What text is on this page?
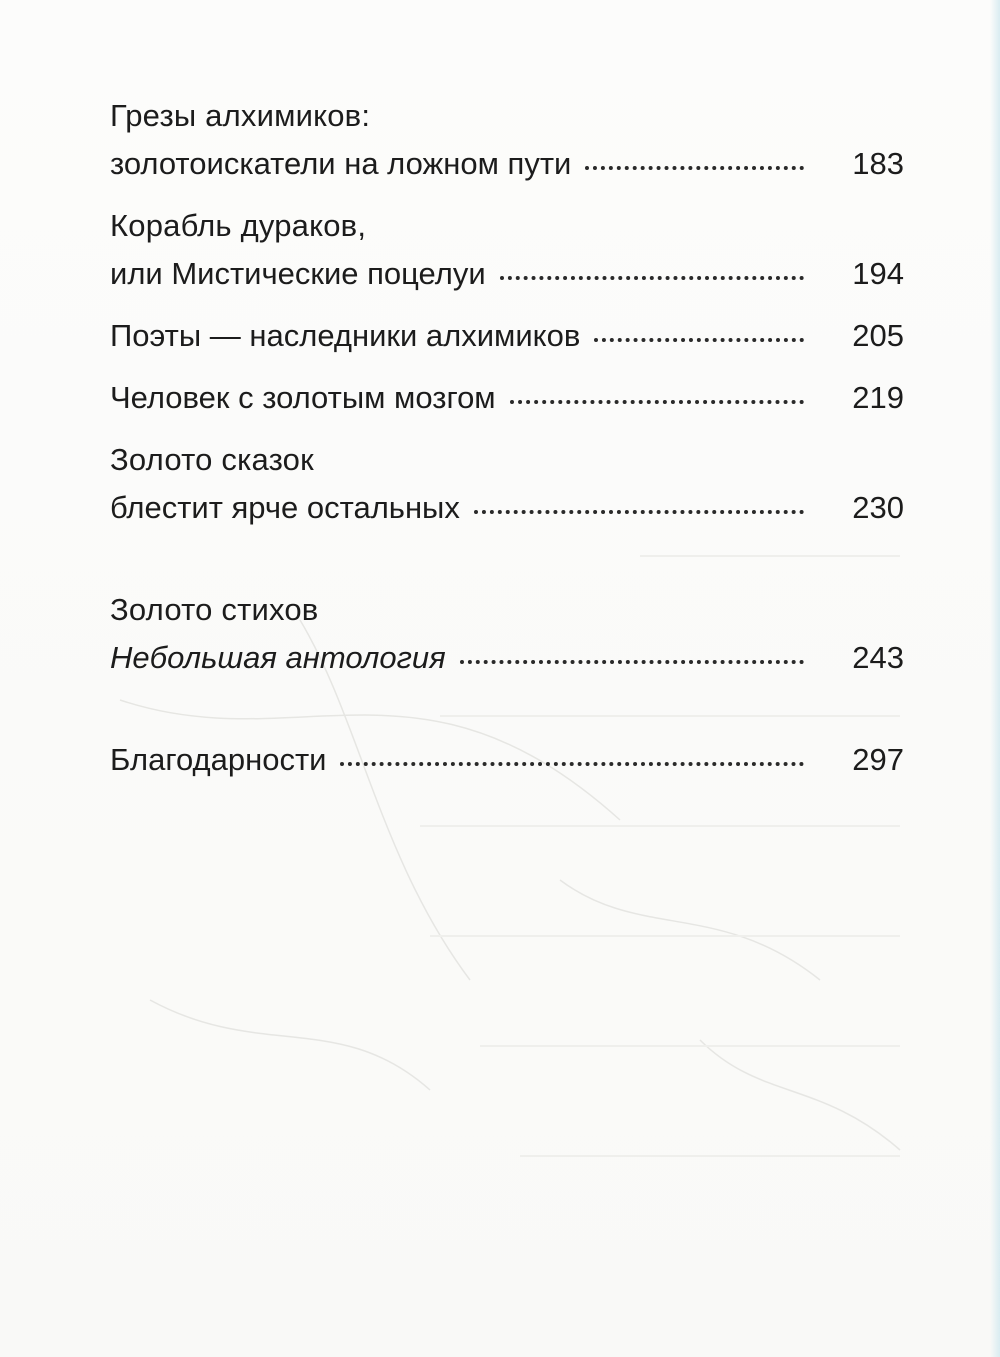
Грезы алхимиков:
золотоискатели на ложном пути	183
Корабль дураков,
или Мистические поцелуи	194
Поэты — наследники алхимиков	205
Человек с золотым мозгом	219
Золото сказок
блестит ярче остальных	230
Золото стихов
Небольшая антология	243
Благодарности	297
